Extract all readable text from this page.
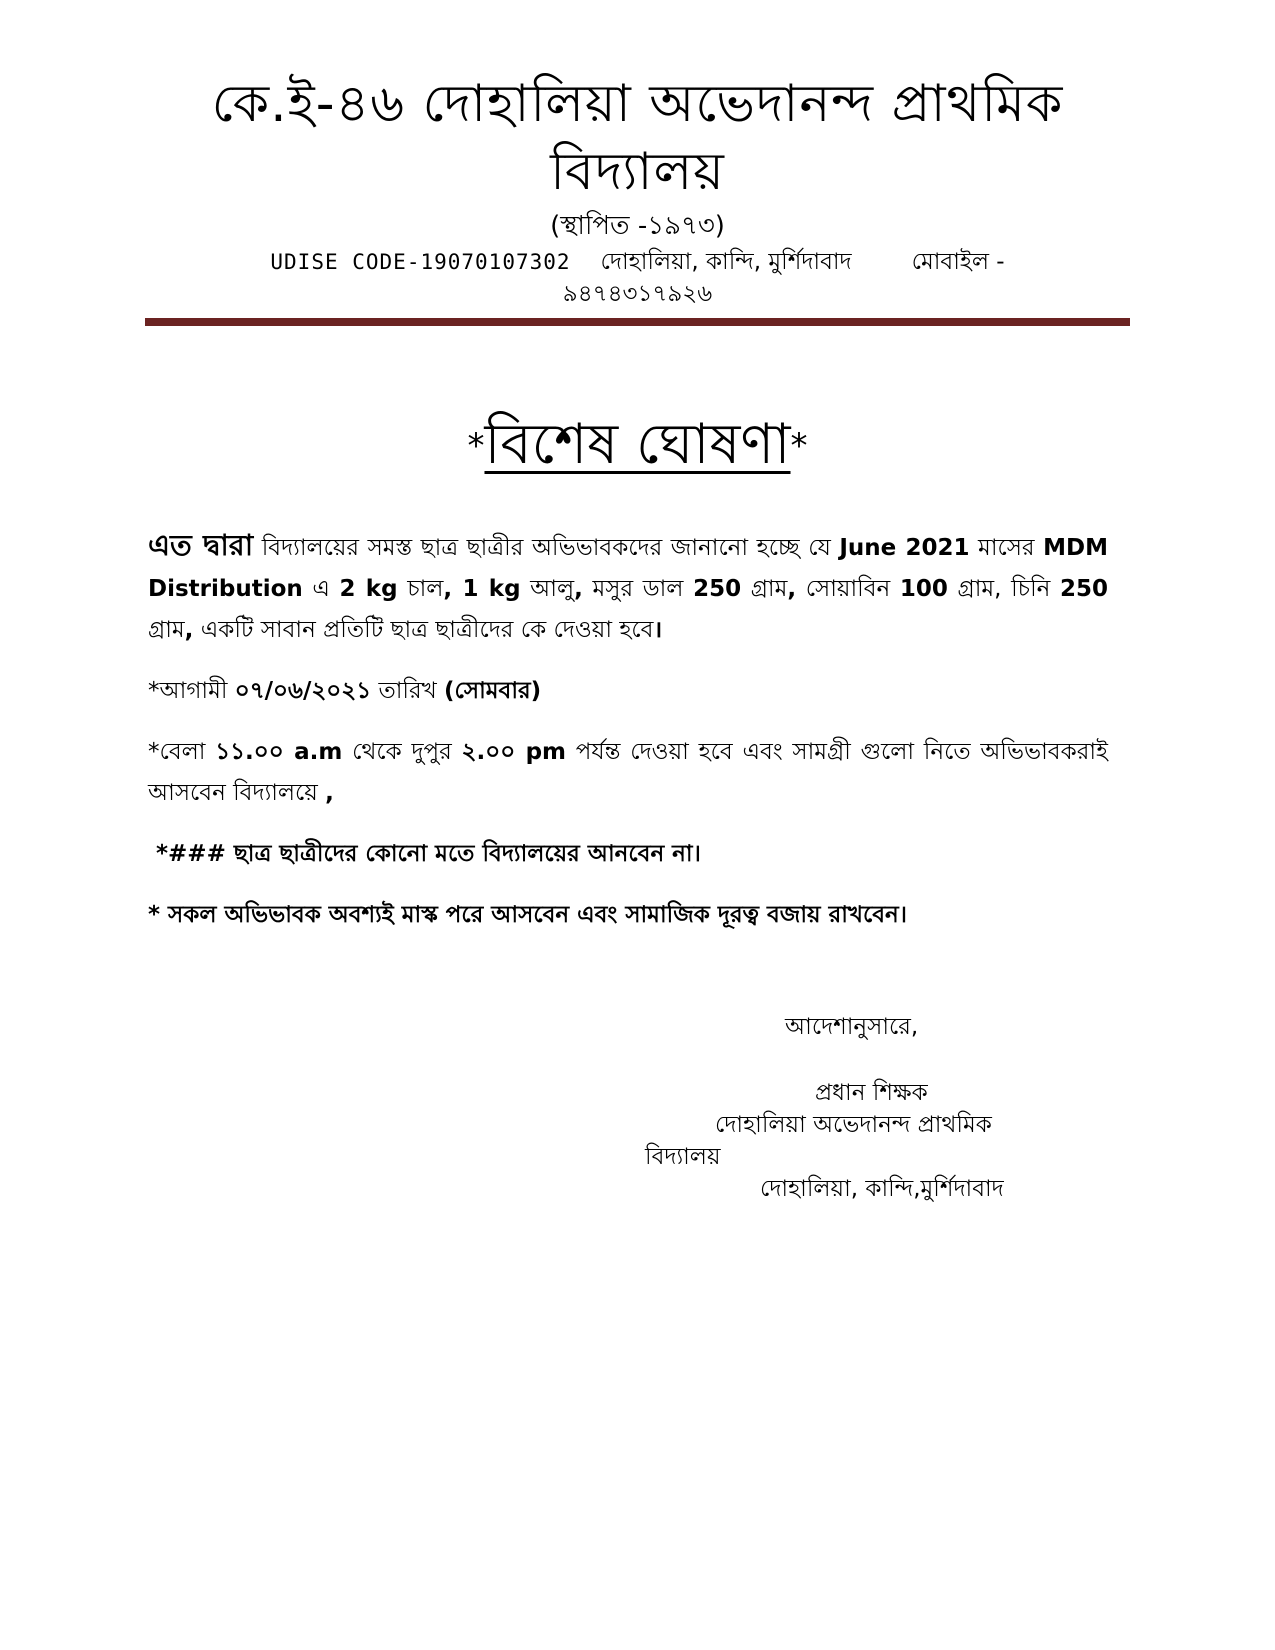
কে.ই-৪৬ দোহালিয়া অভেদানন্দ প্রাথমিক বিদ্যালয়
(স্থাপিত -১৯৭৩)
UDISE CODE-19070107302 দোহালিয়া, কান্দি, মুর্শিদাবাদ	মোবাইল -
৯৪৭৪৩১৭৯২৬
*বিশেষ ঘোষণা*

এত দ্বারা বিদ্যালয়ের সমস্ত ছাত্র ছাত্রীর অভিভাবকদের জানানো হচ্ছে যে June 2021 মাসের MDM Distribution এ 2 kg চাল, 1 kg আলু, মসুর ডাল 250 গ্রাম, সোয়াবিন 100 গ্রাম, চিনি 250 গ্রাম, একটি সাবান প্রতিটি ছাত্র ছাত্রীদের কে দেওয়া হবে।

*আগামী ০৭/০৬/২০২১ তারিখ (সোমবার)

*বেলা ১১.০০ a.m থেকে দুপুর ২.০০ pm পর্যন্ত দেওয়া হবে এবং সামগ্রী গুলো নিতে অভিভাবকরাই আসবেন বিদ্যালয়ে ,

*### ছাত্র ছাত্রীদের কোনো মতে বিদ্যালয়ের আনবেন না।

* সকল অভিভাবক অবশ্যই মাস্ক পরে আসবেন এবং সামাজিক দূরত্ব বজায় রাখবেন।

আদেশানুসারে,
প্রধান শিক্ষক
দোহালিয়া অভেদানন্দ প্রাথমিক
বিদ্যালয়
দোহালিয়া, কান্দি,মুর্শিদাবাদ
